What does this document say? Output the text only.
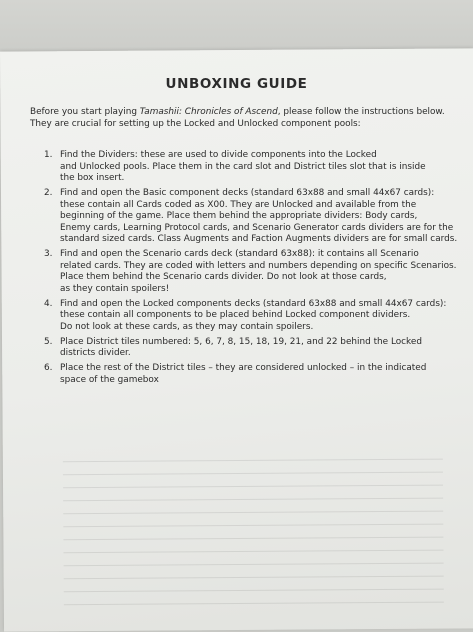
UNBOXING GUIDE

Before you start playing Tamashii: Chronicles of Ascend, please follow the instructions below.
They are crucial for setting up the Locked and Unlocked component pools:

1. Find the Dividers: these are used to divide components into the Locked
and Unlocked pools. Place them in the card slot and District tiles slot that is inside
the box insert.
2. Find and open the Basic component decks (standard 63x88 and small 44x67 cards):
these contain all Cards coded as X00. They are Unlocked and available from the
beginning of the game. Place them behind the appropriate dividers: Body cards,
Enemy cards, Learning Protocol cards, and Scenario Generator cards dividers are for the
standard sized cards. Class Augments and Faction Augments dividers are for small cards.
3. Find and open the Scenario cards deck (standard 63x88): it contains all Scenario
related cards. They are coded with letters and numbers depending on specific Scenarios.
Place them behind the Scenario cards divider. Do not look at those cards,
as they contain spoilers!
4. Find and open the Locked components decks (standard 63x88 and small 44x67 cards):
these contain all components to be placed behind Locked component dividers.
Do not look at these cards, as they may contain spoilers.
5. Place District tiles numbered: 5, 6, 7, 8, 15, 18, 19, 21, and 22 behind the Locked
districts divider.
6. Place the rest of the District tiles – they are considered unlocked – in the indicated
space of the gamebox
